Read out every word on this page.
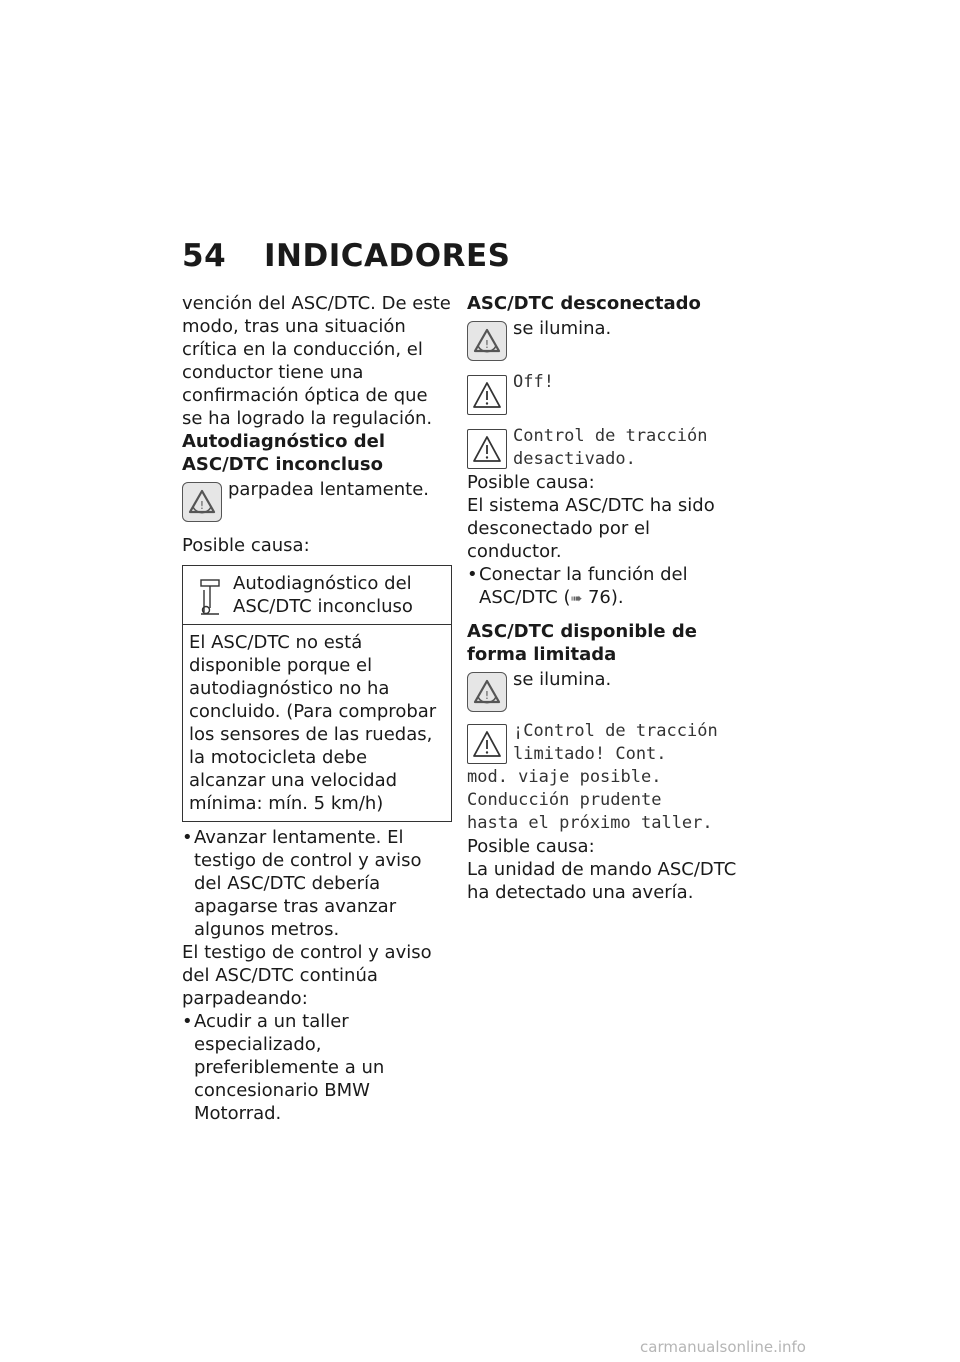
54 INDICADORES

vención del ASC/DTC. De este modo, tras una situación crítica en la conducción, el conductor tiene una confirmación óptica de que se ha logrado la regulación.

Autodiagnóstico del ASC/DTC inconcluso

!
parpadea lentamente.

Posible causa:

Autodiagnóstico del ASC/DTC inconcluso
El ASC/DTC no está disponible porque el autodiagnóstico no ha concluido. (Para comprobar los sensores de las ruedas, la motocicleta debe alcanzar una velocidad mínima: mín. 5 km/h)
• Avanzar lentamente. El testigo de control y aviso del ASC/DTC debería apagarse tras avanzar algunos metros.

El testigo de control y aviso del ASC/DTC continúa parpadeando:

• Acudir a un taller especializado, preferiblemente a un concesionario BMW Motorrad.

ASC/DTC desconectado

!
se ilumina.
Off!
Control de tracción
desactivado.

Posible causa:

El sistema ASC/DTC ha sido desconectado por el conductor.

• Conectar la función del ASC/DTC (➠ 76).

ASC/DTC disponible de forma limitada

!
se ilumina.
¡Control de tracción
limitado! Cont.
mod. viaje posible.
Conducción prudente
hasta el próximo taller.

Posible causa:

La unidad de mando ASC/DTC ha detectado una avería.

carmanualsonline.info
